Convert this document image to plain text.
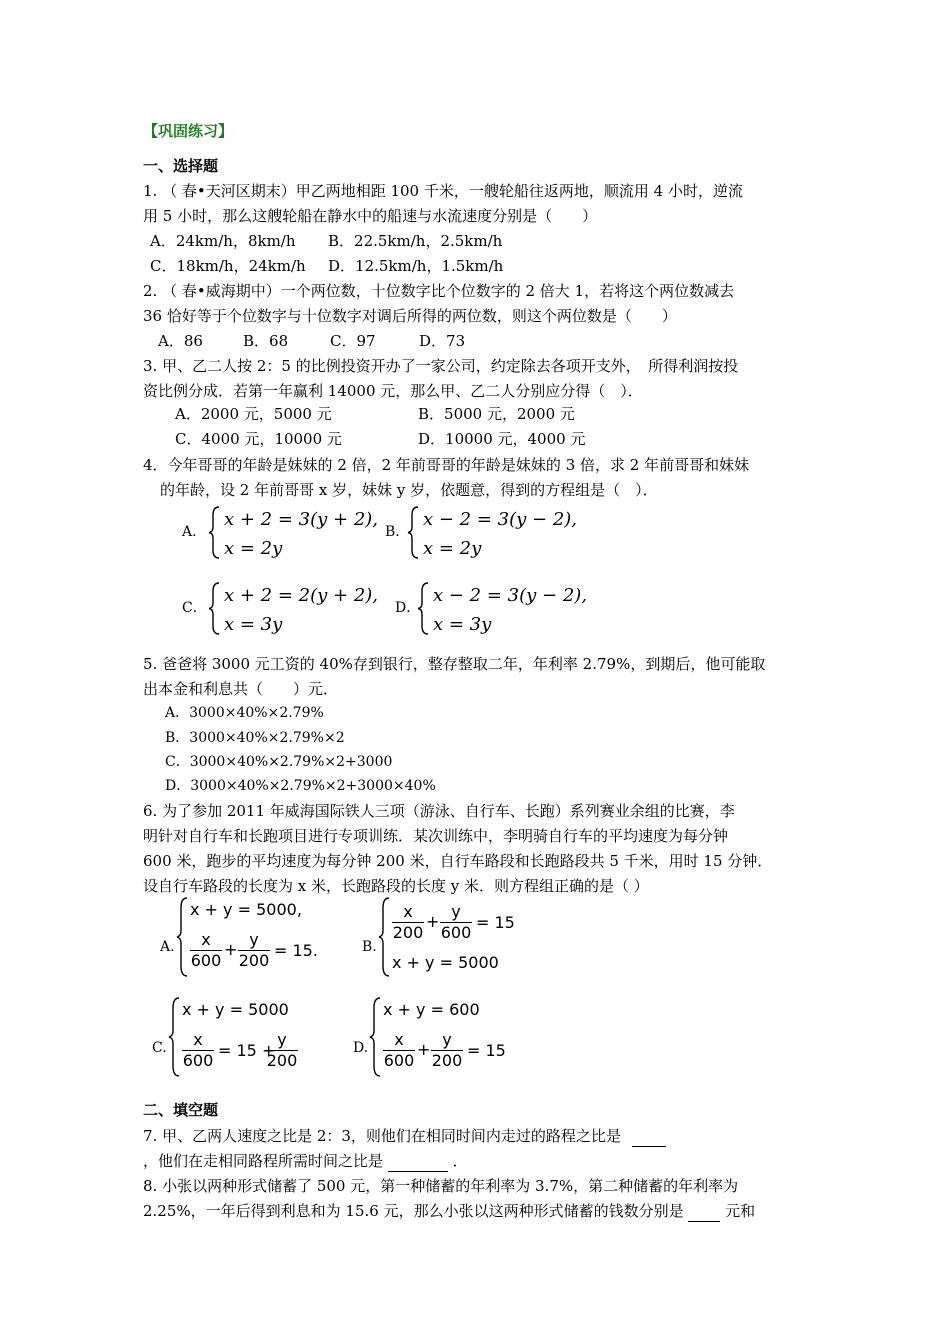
【巩固练习】
一、选择题
1. （ 春•天河区期末）甲乙两地相距 100 千米，一艘轮船往返两地，顺流用 4 小时，逆流
用 5 小时，那么这艘轮船在静水中的船速与水流速度分别是（　　）
A．24km/h，8km/h B．22.5km/h，2.5km/h
C．18km/h，24km/h D．12.5km/h，1.5km/h
2. （ 春•威海期中）一个两位数，十位数字比个位数字的 2 倍大 1，若将这个两位数减去
36 恰好等于个位数字与十位数字对调后所得的两位数，则这个两位数是（　　）
A．86	B．68	C．97	D．73
3. 甲、乙二人按 2：5 的比例投资开办了一家公司，约定除去各项开支外，　所得利润按投
资比例分成．若第一年赢利 14000 元，那么甲、乙二人分别应分得（　）．
A．2000 元，5000 元	B．5000 元，2000 元
C．4000 元，10000 元	D．10000 元，4000 元
4．今年哥哥的年龄是妹妹的 2 倍，2 年前哥哥的年龄是妹妹的 3 倍，求 2 年前哥哥和妹妹
的年龄，设 2 年前哥哥 x 岁，妹妹 y 岁，依题意，得到的方程组是（　）．
A．
x + 2 = 3(y + 2),
x = 2y
B．
x − 2 = 3(y − 2),
x = 2y
C．
x + 2 = 2(y + 2),
x = 3y
D．
x − 2 = 3(y − 2),
x = 3y
5. 爸爸将 3000 元工资的 40%存到银行，整存整取二年，年利率 2.79%，到期后，他可能取
出本金和利息共（　　）元．
A．3000×40%×2.79%
B．3000×40%×2.79%×2
C．3000×40%×2.79%×2+3000
D．3000×40%×2.79%×2+3000×40%
6. 为了参加 2011 年威海国际铁人三项（游泳、自行车、长跑）系列赛业余组的比赛，李
明针对自行车和长跑项目进行专项训练．某次训练中，李明骑自行车的平均速度为每分钟
600 米，跑步的平均速度为每分钟 200 米，自行车路段和长跑路段共 5 千米，用时 15 分钟．
设自行车路段的长度为 x 米，长跑路段的长度 y 米．则方程组正确的是（ ）
A.
x + y = 5000,
$\frac{x}{600} + \frac{y}{200} = 15$.	B.
$\frac{x}{200} + \frac{y}{600} = 15$
x + y = 5000
C.
x + y = 5000
$\frac{x}{600} = 15$ +
$\frac{y}{200}$	D.
x + y = 600
$\frac{x}{600} + \frac{y}{200} = 15$
二、填空题
7. 甲、乙两人速度之比是 2：3，则他们在相同时间内走过的路程之比是
，他们在走相同路程所需时间之比是	．
8. 小张以两种形式储蓄了 500 元，第一种储蓄的年利率为 3.7%，第二种储蓄的年利率为
2.25%，一年后得到利息和为 15.6 元，那么小张以这两种形式储蓄的钱数分别是	元和
